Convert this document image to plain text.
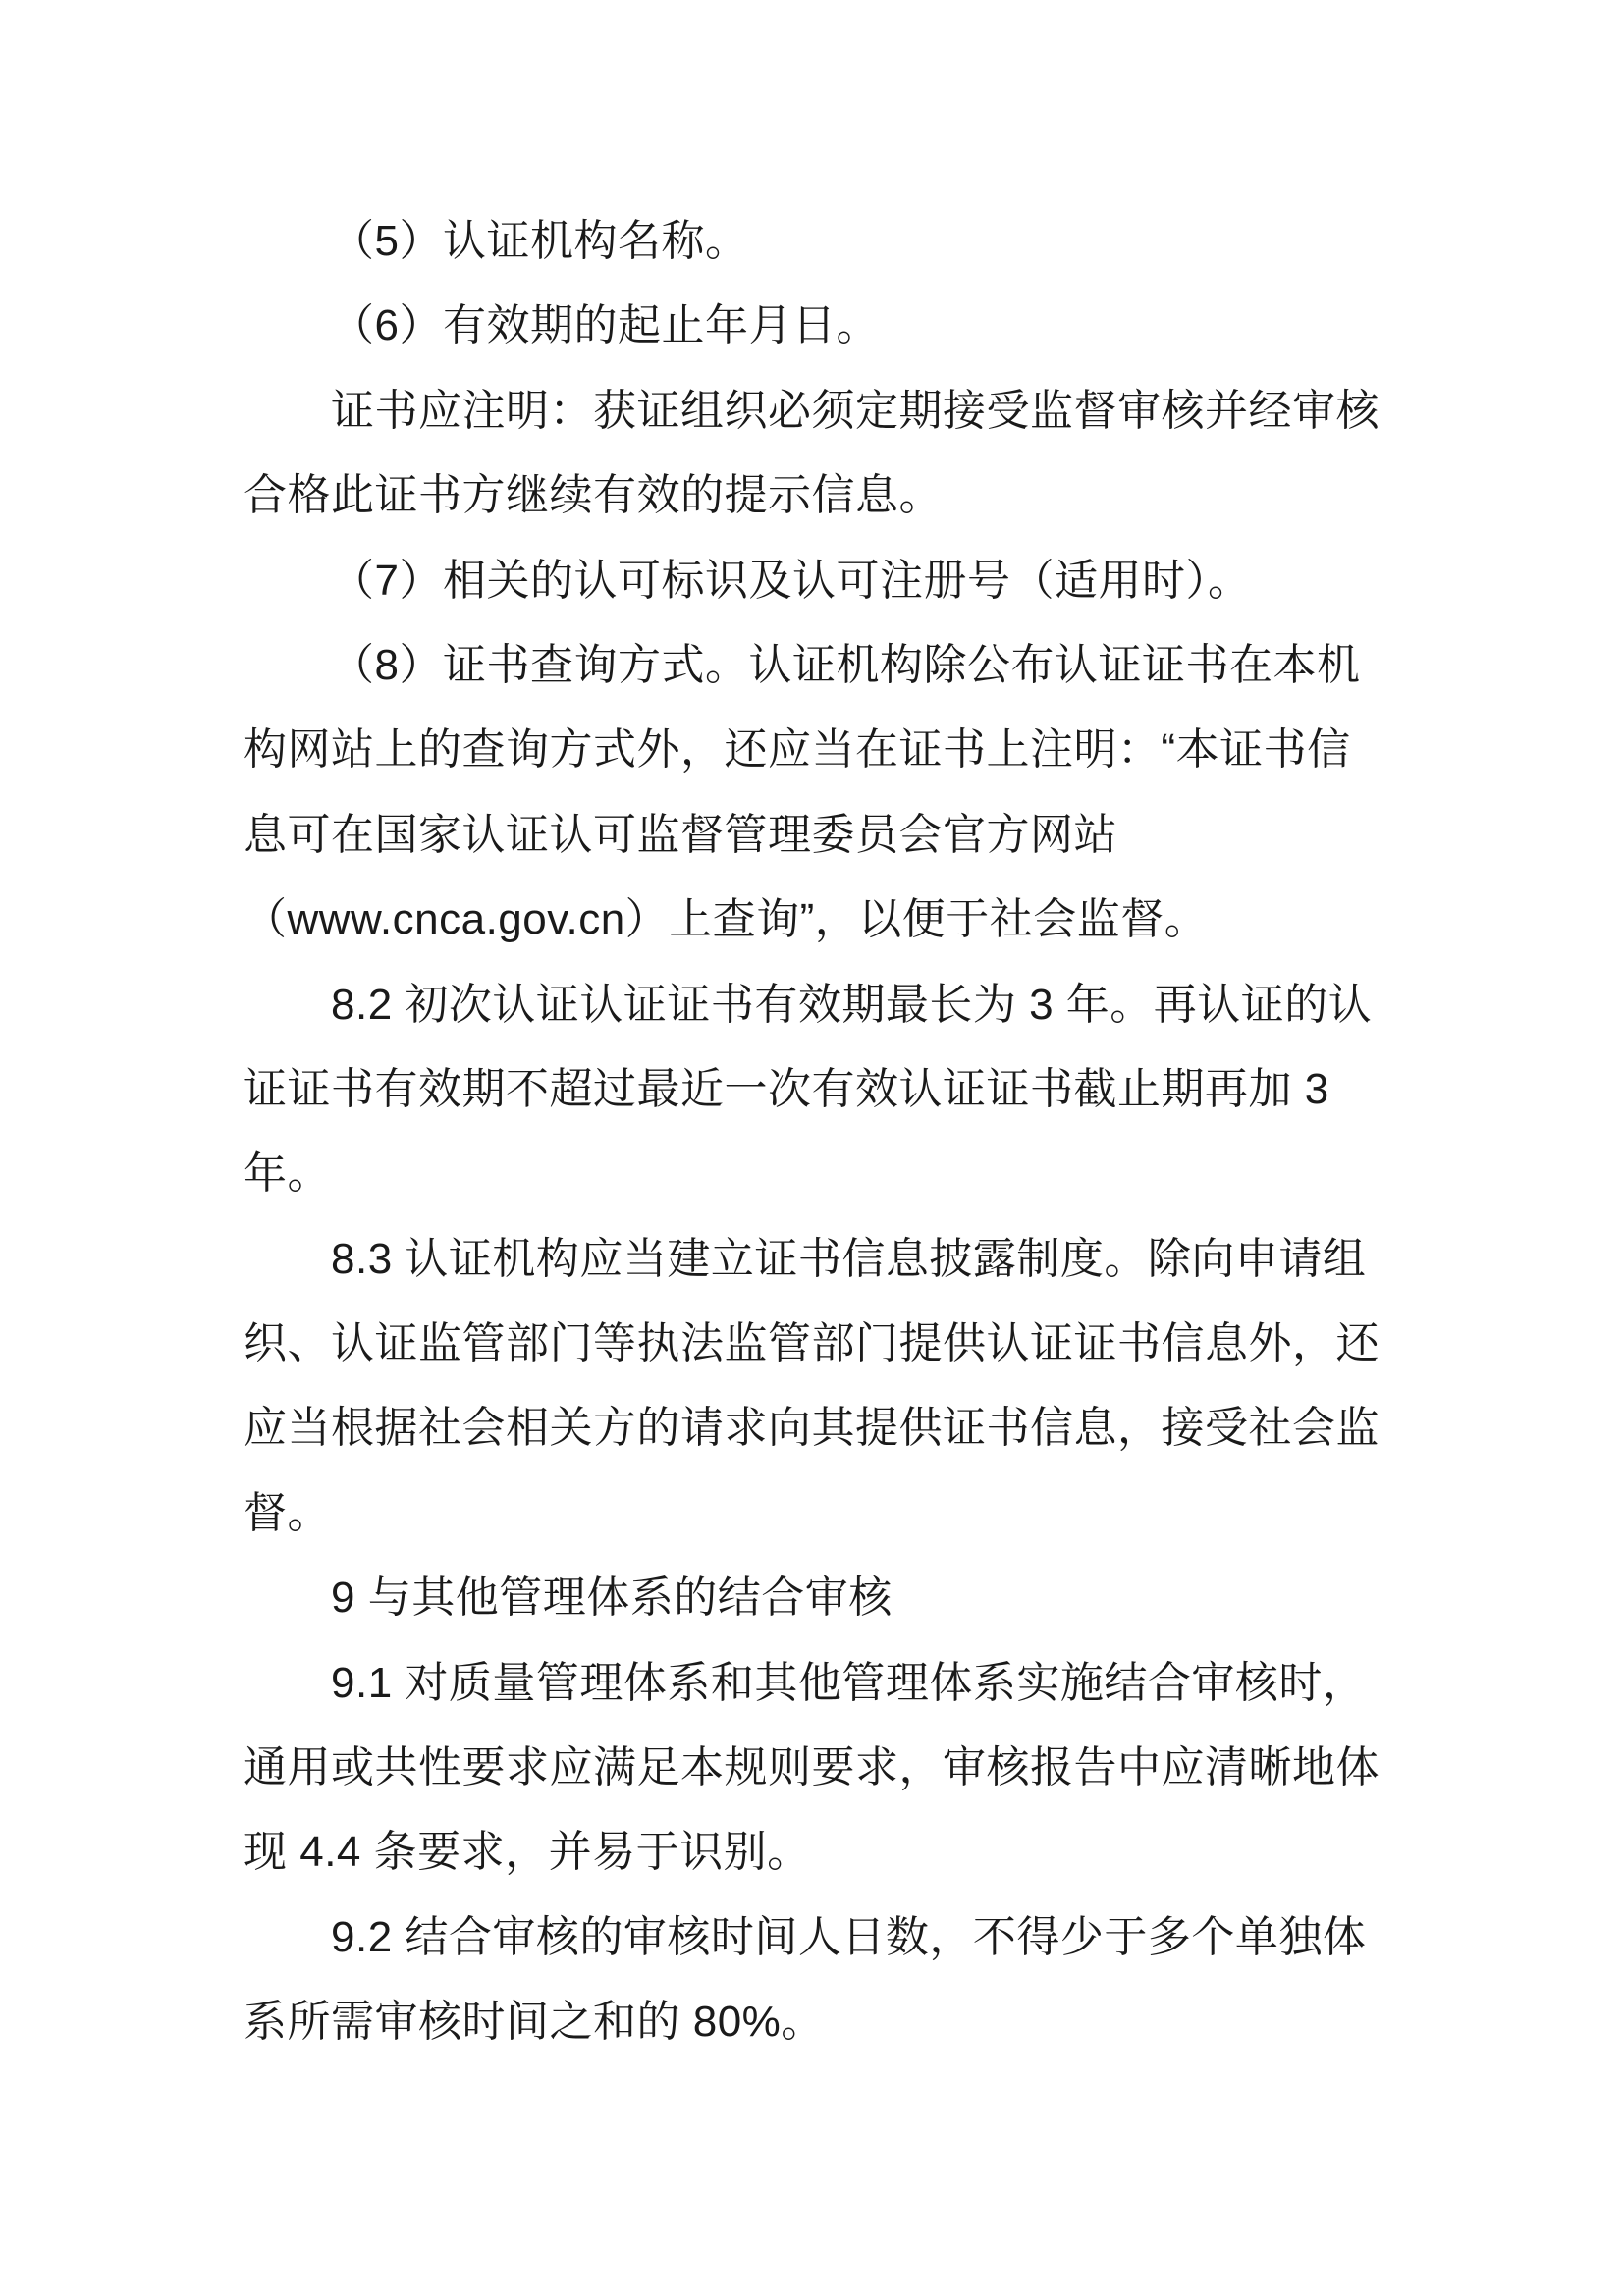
（5）认证机构名称。

（6）有效期的起止年月日。

证书应注明：获证组织必须定期接受监督审核并经审核

合格此证书方继续有效的提示信息。

（7）相关的认可标识及认可注册号（适用时）。

（8）证书查询方式。认证机构除公布认证证书在本机

构网站上的查询方式外，还应当在证书上注明：“本证书信

息可在国家认证认可监督管理委员会官方网站

（www.cnca.gov.cn）上查询”，以便于社会监督。

8.2 初次认证认证证书有效期最长为 3 年。再认证的认

证证书有效期不超过最近一次有效认证证书截止期再加 3

年。

8.3 认证机构应当建立证书信息披露制度。除向申请组

织、认证监管部门等执法监管部门提供认证证书信息外，还

应当根据社会相关方的请求向其提供证书信息，接受社会监

督。

9 与其他管理体系的结合审核

9.1 对质量管理体系和其他管理体系实施结合审核时，

通用或共性要求应满足本规则要求，审核报告中应清晰地体

现 4.4 条要求，并易于识别。

9.2 结合审核的审核时间人日数，不得少于多个单独体

系所需审核时间之和的 80%。
